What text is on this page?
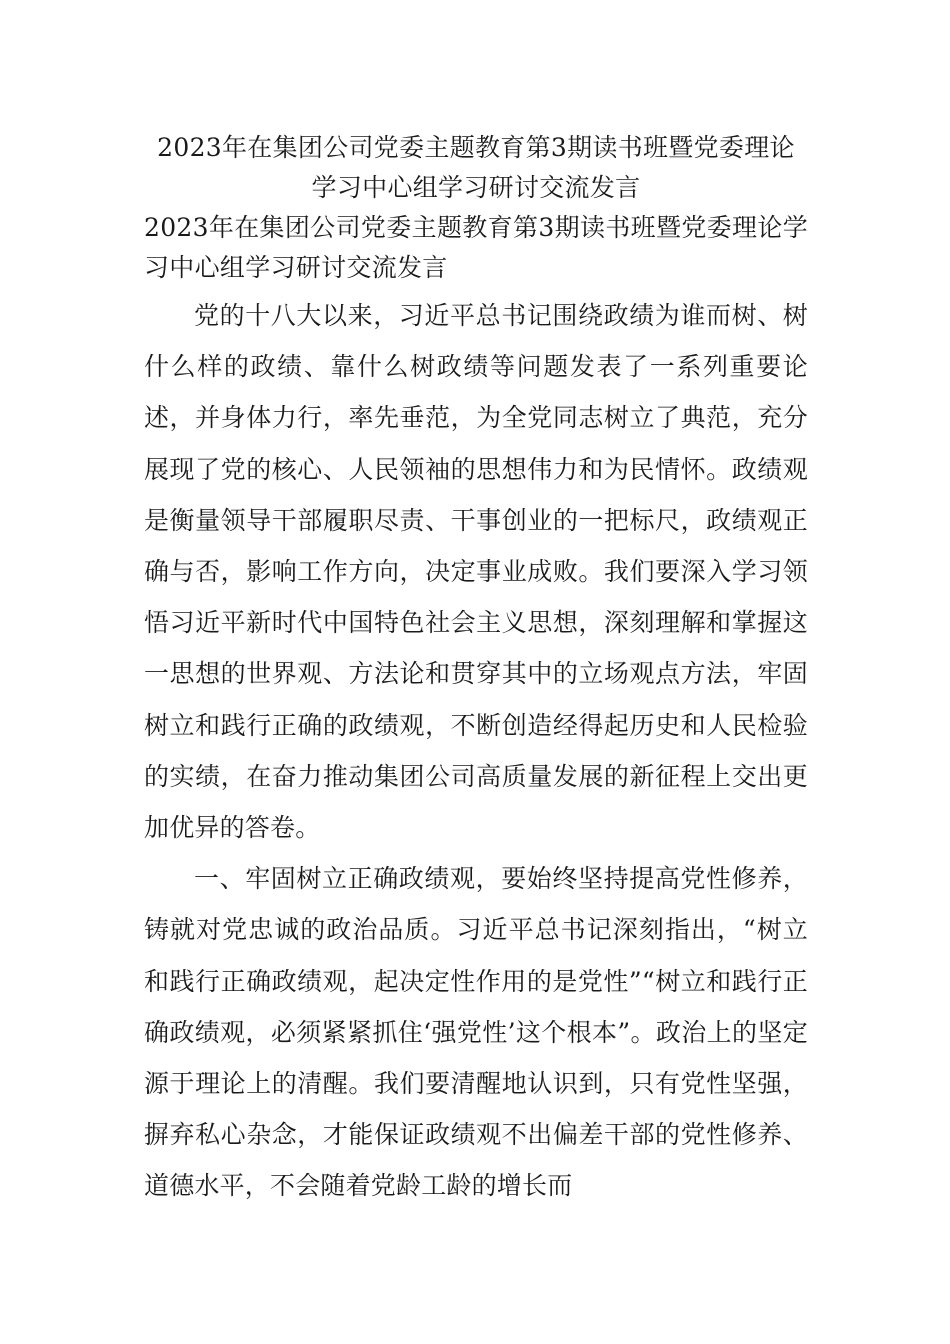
2023年在集团公司党委主题教育第3期读书班暨党委理论
学习中心组学习研讨交流发言

2023年在集团公司党委主题教育第3期读书班暨党委理论学习中心组学习研讨交流发言

党的十八大以来，习近平总书记围绕政绩为谁而树、树什么样的政绩、靠什么树政绩等问题发表了一系列重要论述，并身体力行，率先垂范，为全党同志树立了典范，充分展现了党的核心、人民领袖的思想伟力和为民情怀。政绩观是衡量领导干部履职尽责、干事创业的一把标尺，政绩观正确与否，影响工作方向，决定事业成败。我们要深入学习领悟习近平新时代中国特色社会主义思想，深刻理解和掌握这一思想的世界观、方法论和贯穿其中的立场观点方法，牢固树立和践行正确的政绩观，不断创造经得起历史和人民检验的实绩，在奋力推动集团公司高质量发展的新征程上交出更加优异的答卷。

一、牢固树立正确政绩观，要始终坚持提高党性修养，铸就对党忠诚的政治品质。习近平总书记深刻指出，“树立和践行正确政绩观，起决定性作用的是党性”“树立和践行正确政绩观，必须紧紧抓住‘强党性’这个根本”。政治上的坚定源于理论上的清醒。我们要清醒地认识到，只有党性坚强，摒弃私心杂念，才能保证政绩观不出偏差干部的党性修养、道德水平，不会随着党龄工龄的增长而
